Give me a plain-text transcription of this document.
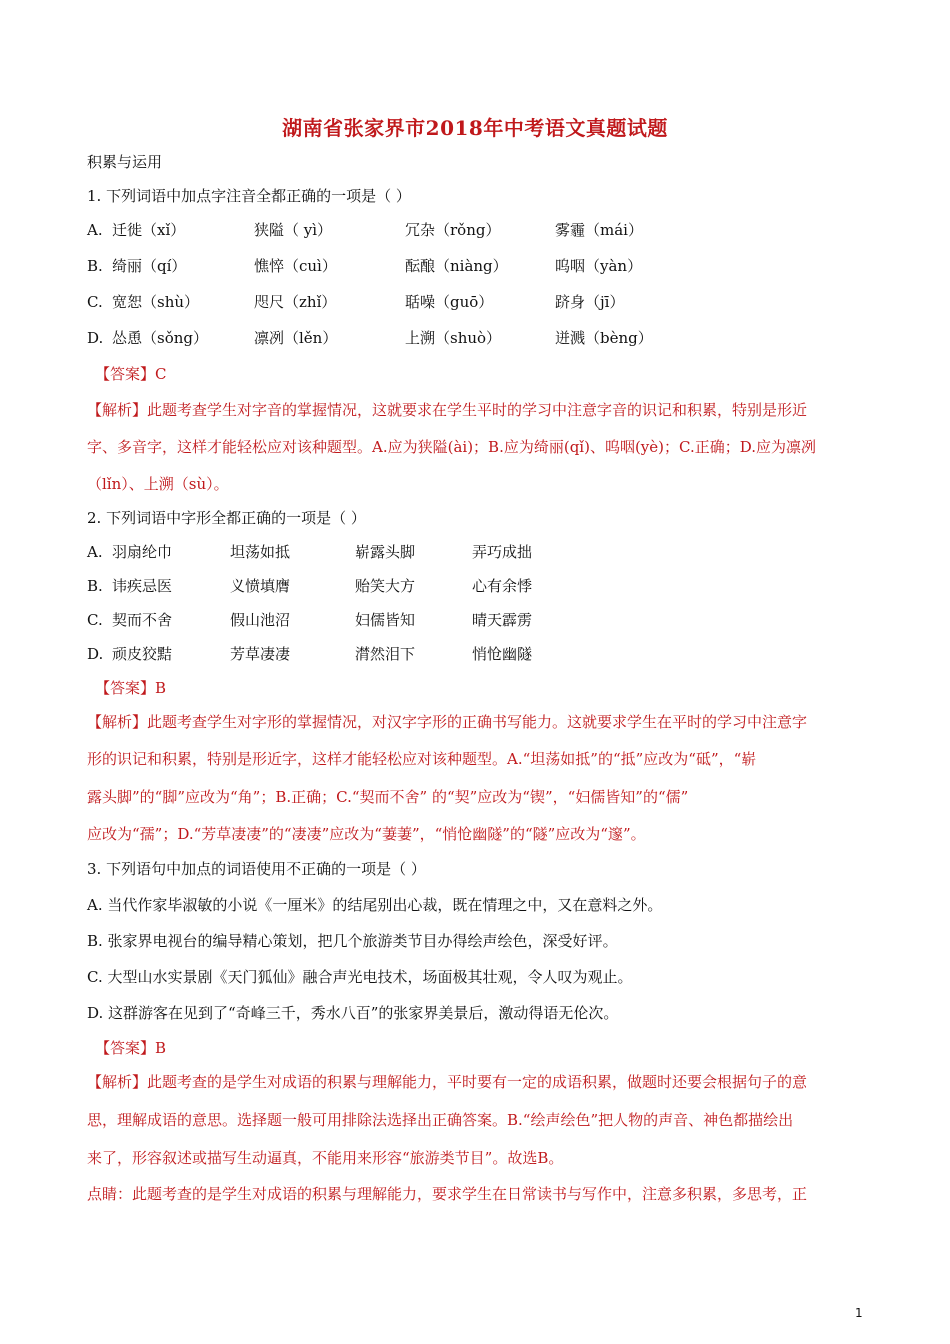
湖南省张家界市2018年中考语文真题试题
积累与运用
1. 下列词语中加点字注音全都正确的一项是（ ）
A. 迁徙（xǐ）	狭隘（ yì）	冗杂（rǒng）	雾霾（mái）
B. 绮丽（qí）	憔悴（cuì）	酝酿（niàng）	呜咽（yàn）
C. 宽恕（shù）	咫尺（zhǐ）	聒噪（guō）	跻身（jī）
D. 怂恿（sǒng）	凛冽（lěn）	上溯（shuò）	迸溅（bèng）
【答案】C
【解析】此题考查学生对字音的掌握情况，这就要求在学生平时的学习中注意字音的识记和积累，特别是形近
字、多音字，这样才能轻松应对该种题型。A.应为狭隘(ài)；B.应为绮丽(qǐ)、呜咽(yè)；C.正确；D.应为凛冽
（lǐn）、上溯（sù）。
2. 下列词语中字形全都正确的一项是（ ）
A. 羽扇纶巾	坦荡如抵	崭露头脚	弄巧成拙
B. 讳疾忌医	义愤填膺	贻笑大方	心有余悸
C. 契而不舍	假山池沼	妇儒皆知	晴天霹雳
D. 顽皮狡黠	芳草凄凄	潸然泪下	悄怆幽隧
【答案】B
【解析】此题考查学生对字形的掌握情况，对汉字字形的正确书写能力。这就要求学生在平时的学习中注意字
形的识记和积累，特别是形近字，这样才能轻松应对该种题型。A.“坦荡如抵”的“抵”应改为“砥”，“崭
露头脚”的“脚”应改为“角”；B.正确；C.“契而不舍” 的“契”应改为“锲”，“妇儒皆知”的“儒”
应改为“孺”；D.“芳草凄凄”的“凄凄”应改为“萋萋”，“悄怆幽隧”的“隧”应改为“邃”。
3. 下列语句中加点的词语使用不正确的一项是（ ）
A. 当代作家毕淑敏的小说《一厘米》的结尾别出心裁，既在情理之中，又在意料之外。
B. 张家界电视台的编导精心策划，把几个旅游类节目办得绘声绘色，深受好评。
C. 大型山水实景剧《天门狐仙》融合声光电技术，场面极其壮观，令人叹为观止。
D. 这群游客在见到了“奇峰三千，秀水八百”的张家界美景后，激动得语无伦次。
【答案】B
【解析】此题考查的是学生对成语的积累与理解能力，平时要有一定的成语积累，做题时还要会根据句子的意
思，理解成语的意思。选择题一般可用排除法选择出正确答案。B.“绘声绘色”把人物的声音、神色都描绘出
来了，形容叙述或描写生动逼真，不能用来形容“旅游类节目”。故选B。
点睛：此题考查的是学生对成语的积累与理解能力，要求学生在日常读书与写作中，注意多积累，多思考，正
1
